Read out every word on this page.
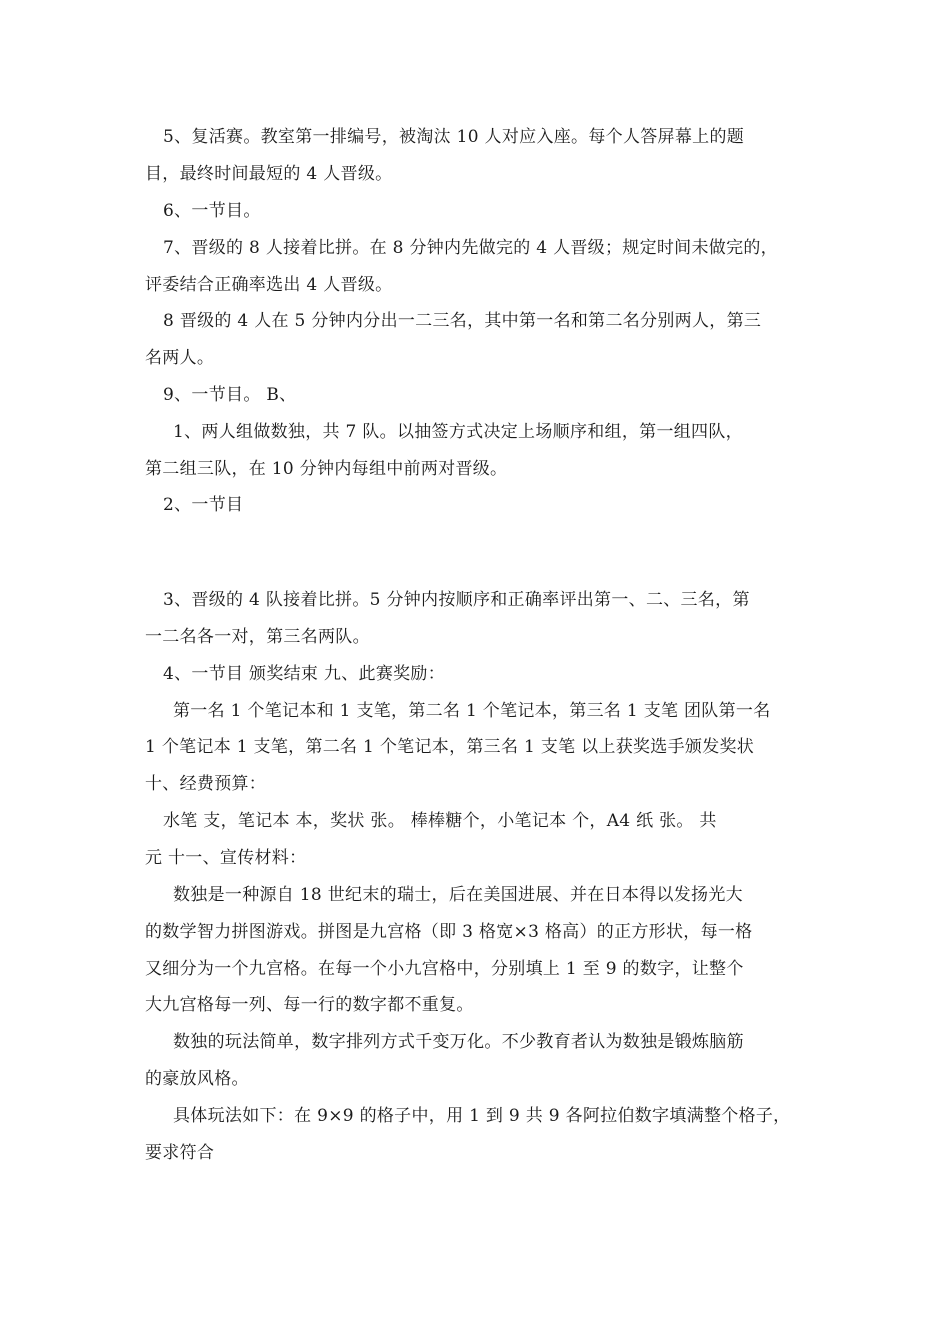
5、复活赛。教室第一排编号，被淘汰 10 人对应入座。每个人答屏幕上的题
目，最终时间最短的 4 人晋级。
6、一节目。
7、晋级的 8 人接着比拼。在 8 分钟内先做完的 4 人晋级；规定时间未做完的，
评委结合正确率选出 4 人晋级。
8 晋级的 4 人在 5 分钟内分出一二三名，其中第一名和第二名分别两人，第三
名两人。
9、一节目。 B、
1、两人组做数独，共 7 队。以抽签方式决定上场顺序和组，第一组四队，
第二组三队，在 10 分钟内每组中前两对晋级。
2、一节目
3、晋级的 4 队接着比拼。5 分钟内按顺序和正确率评出第一、二、三名，第
一二名各一对，第三名两队。
4、一节目 颁奖结束 九、此赛奖励：
第一名 1 个笔记本和 1 支笔，第二名 1 个笔记本，第三名 1 支笔 团队第一名
1 个笔记本 1 支笔，第二名 1 个笔记本，第三名 1 支笔 以上获奖选手颁发奖状
十、经费预算：
水笔 支，笔记本 本，奖状 张。 棒棒糖个，小笔记本 个，A4 纸 张。 共
元 十一、宣传材料：
数独是一种源自 18 世纪末的瑞士，后在美国进展、并在日本得以发扬光大
的数学智力拼图游戏。拼图是九宫格（即 3 格宽×3 格高）的正方形状，每一格
又细分为一个九宫格。在每一个小九宫格中，分别填上 1 至 9 的数字，让整个
大九宫格每一列、每一行的数字都不重复。
数独的玩法简单，数字排列方式千变万化。不少教育者认为数独是锻炼脑筋
的豪放风格。
具体玩法如下：在 9×9 的格子中，用 1 到 9 共 9 各阿拉伯数字填满整个格子，
要求符合
